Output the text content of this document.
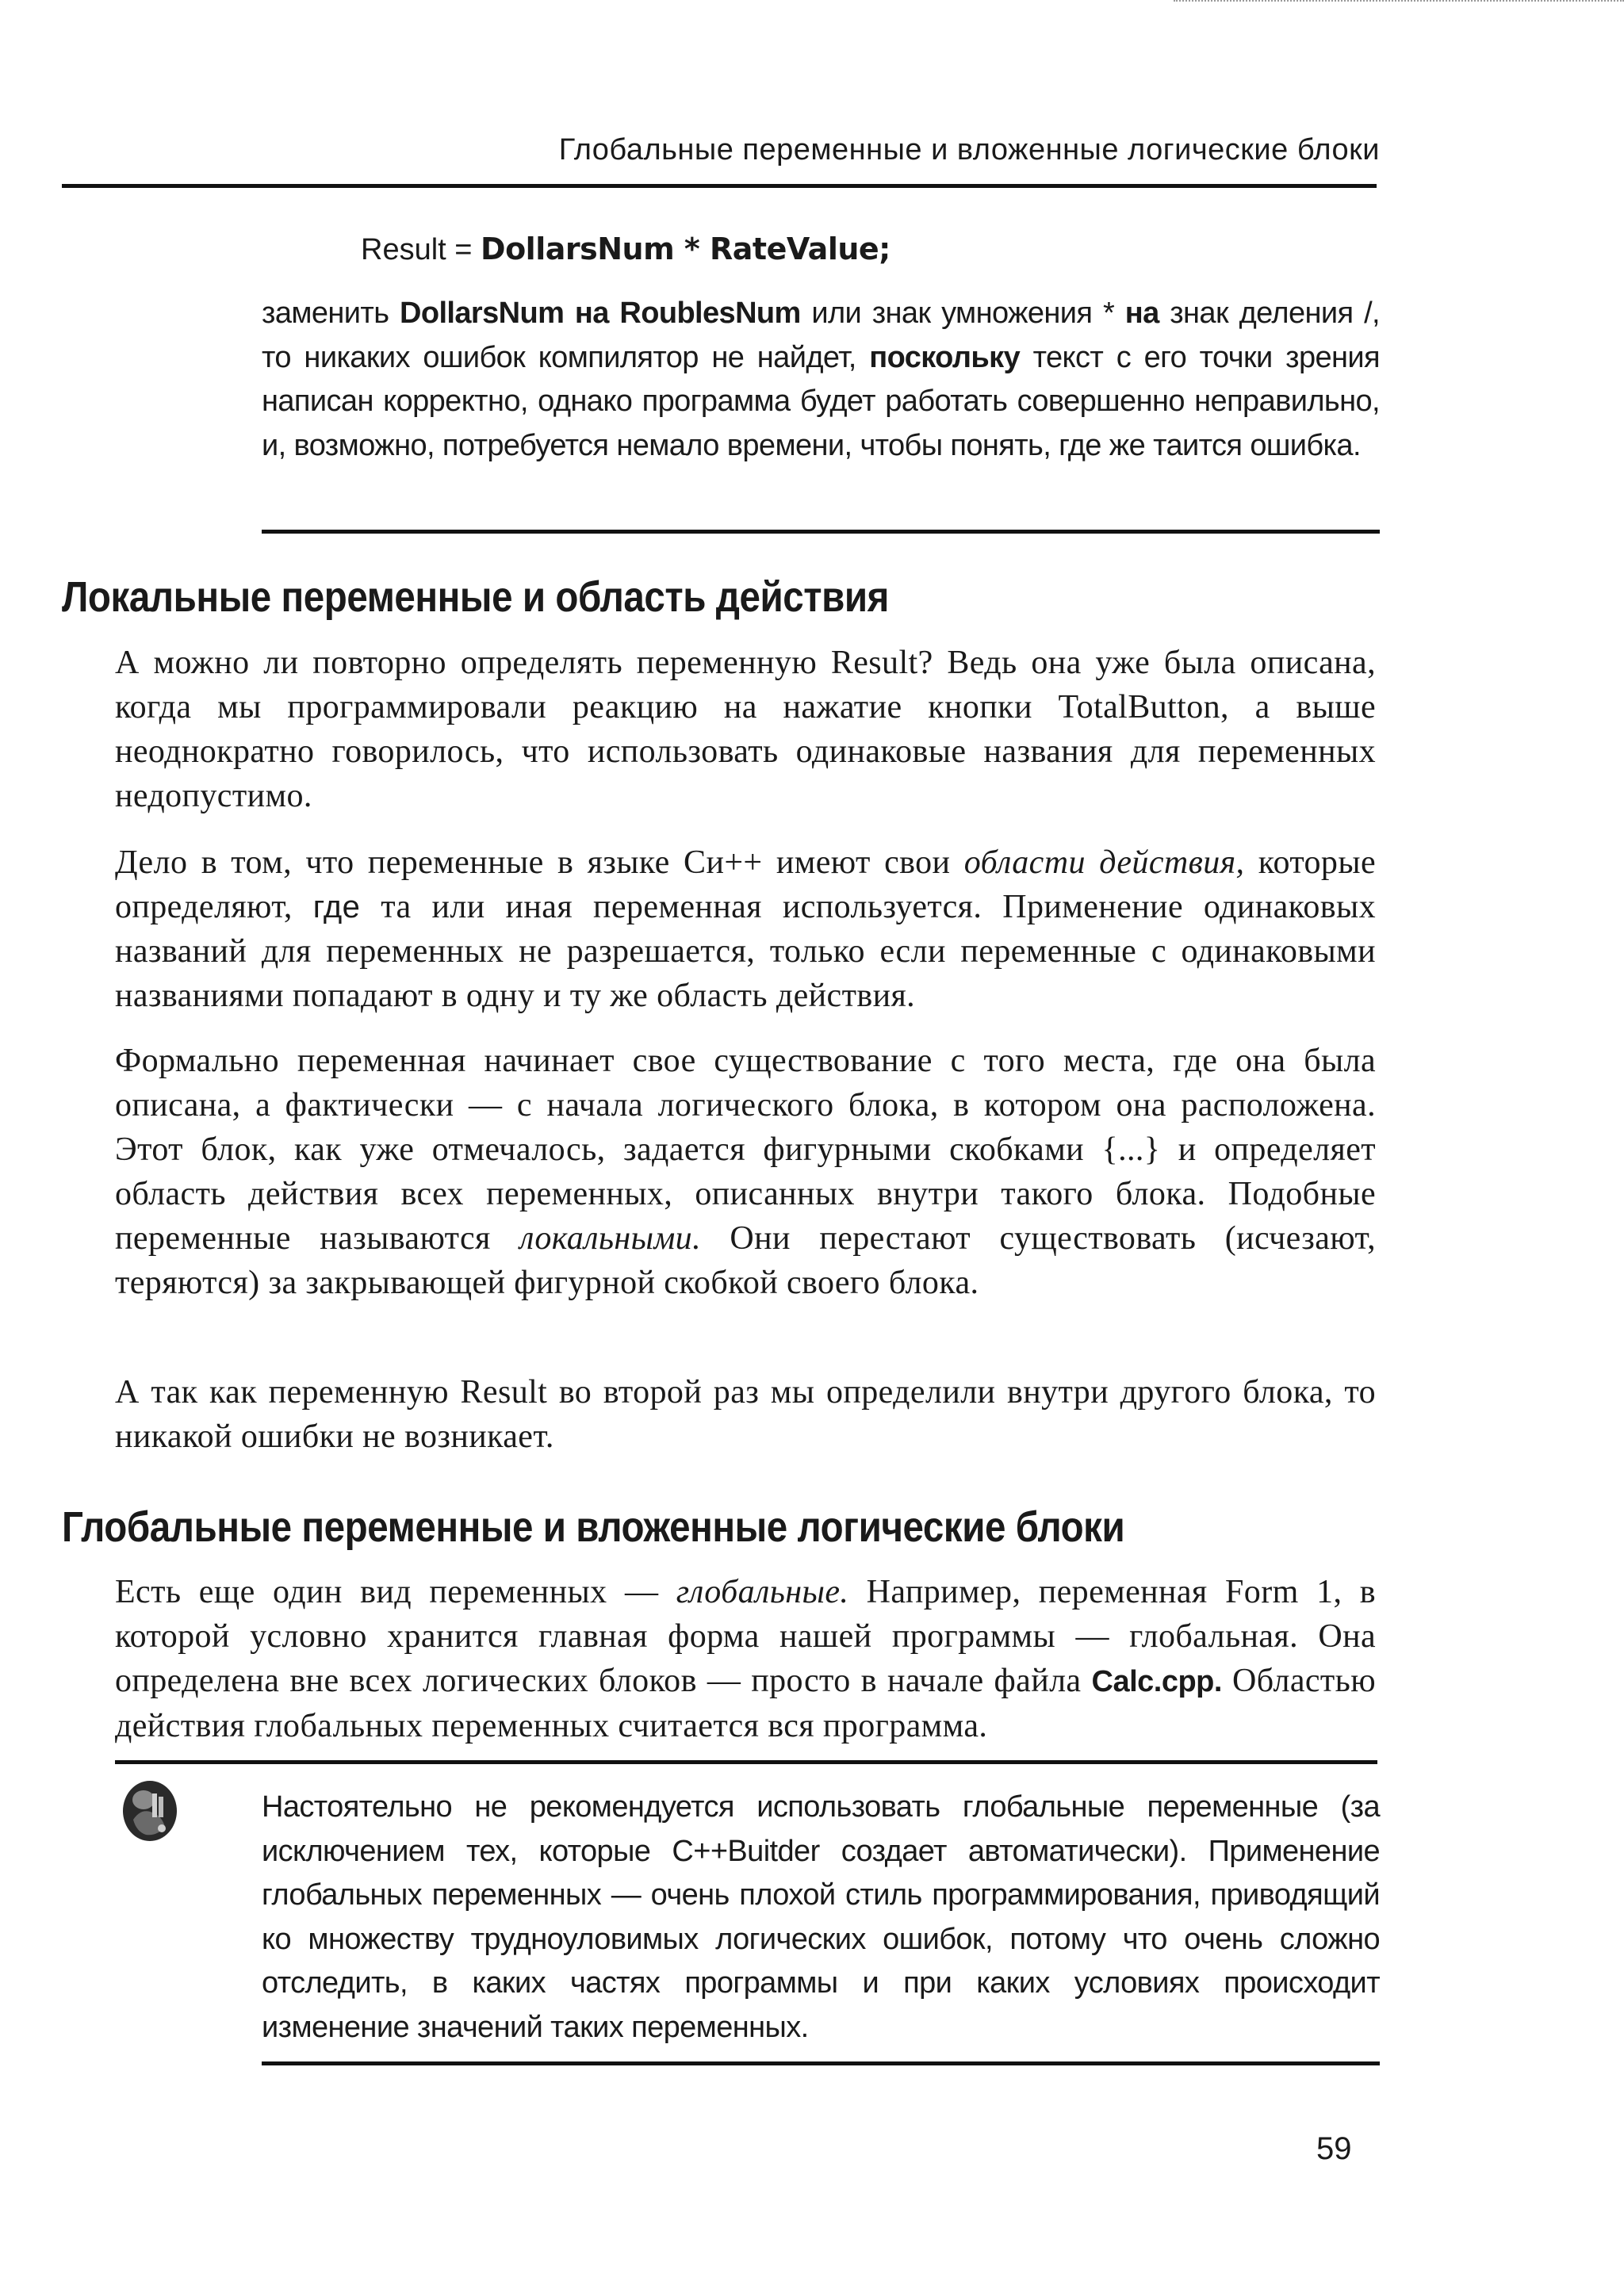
Глобальные переменные и вложенные логические блоки
Result = DollarsNum * RateValue;
заменить DollarsNum на RoublesNum или знак умножения * на знак деления /, то никаких ошибок компилятор не найдет, поскольку текст с его точки зрения написан корректно, однако программа будет работать совершенно неправильно, и, возможно, потребуется немало времени, чтобы понять, где же таится ошибка.
Локальные переменные и область действия

А можно ли повторно определять переменную Result? Ведь она уже была описана, когда мы программировали реакцию на нажатие кнопки TotalButton, а выше неоднократно говорилось, что использовать одинаковые названия для переменных недопустимо.

Дело в том, что переменные в языке Си++ имеют свои области действия, которые определяют, где та или иная переменная используется. Применение одинаковых названий для переменных не разрешается, только если переменные с одинаковыми названиями попадают в одну и ту же область действия.

Формально переменная начинает свое существование с того места, где она была описана, а фактически — с начала логического блока, в котором она расположена. Этот блок, как уже отмечалось, задается фигурными скобками {...} и определяет область действия всех переменных, описанных внутри такого блока. Подобные переменные называются локальными. Они перестают существовать (исчезают, теряются) за закрывающей фигурной скобкой своего блока.

А так как переменную Result во второй раз мы определили внутри другого блока, то никакой ошибки не возникает.

Глобальные переменные и вложенные логические блоки

Есть еще один вид переменных — глобальные. Например, переменная Form 1, в которой условно хранится главная форма нашей программы — глобальная. Она определена вне всех логических блоков — просто в начале файла Calc.cpp. Областью действия глобальных переменных считается вся программа.

Настоятельно не рекомендуется использовать глобальные переменные (за исключением тех, которые C++Buitder создает автоматически). Применение глобальных переменных — очень плохой стиль программирования, приводящий ко множеству трудноуловимых логических ошибок, потому что очень сложно отследить, в каких частях программы и при каких условиях происходит изменение значений таких переменных.
59
